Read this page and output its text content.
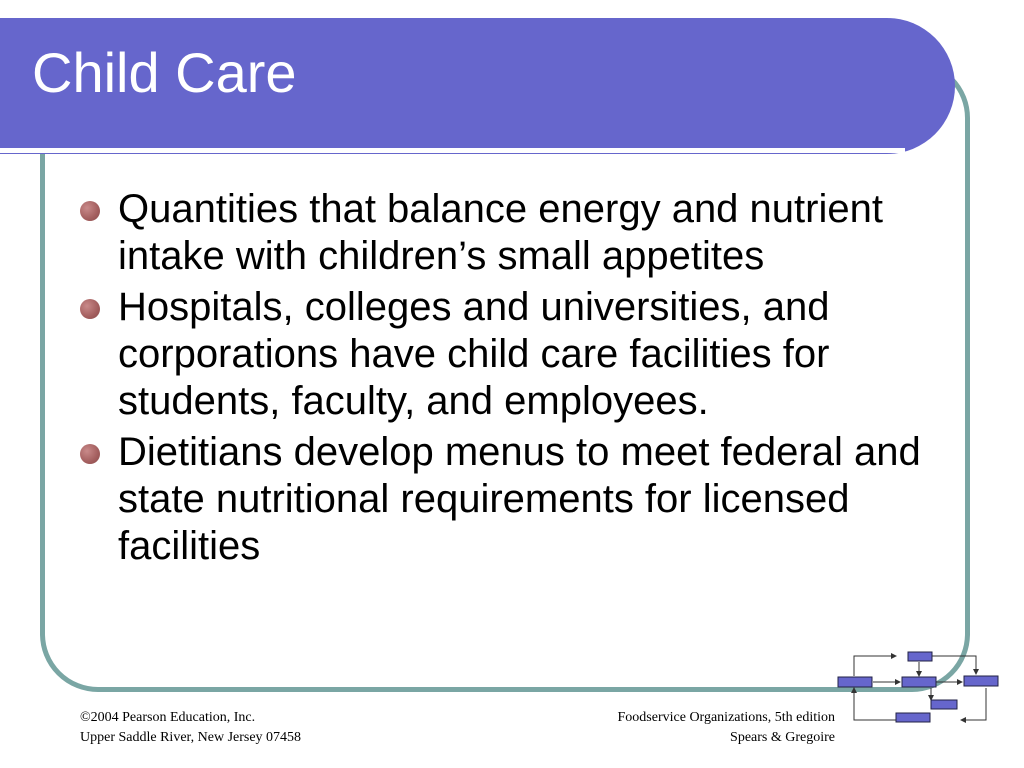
Child Care
Quantities that balance energy and nutrient intake with children’s small appetites
Hospitals, colleges and universities, and corporations have child care facilities for students, faculty, and employees.
Dietitians develop menus to meet federal and state nutritional requirements for licensed facilities
©2004 Pearson Education, Inc.
Upper Saddle River, New Jersey 07458
Foodservice Organizations, 5th edition
Spears & Gregoire
